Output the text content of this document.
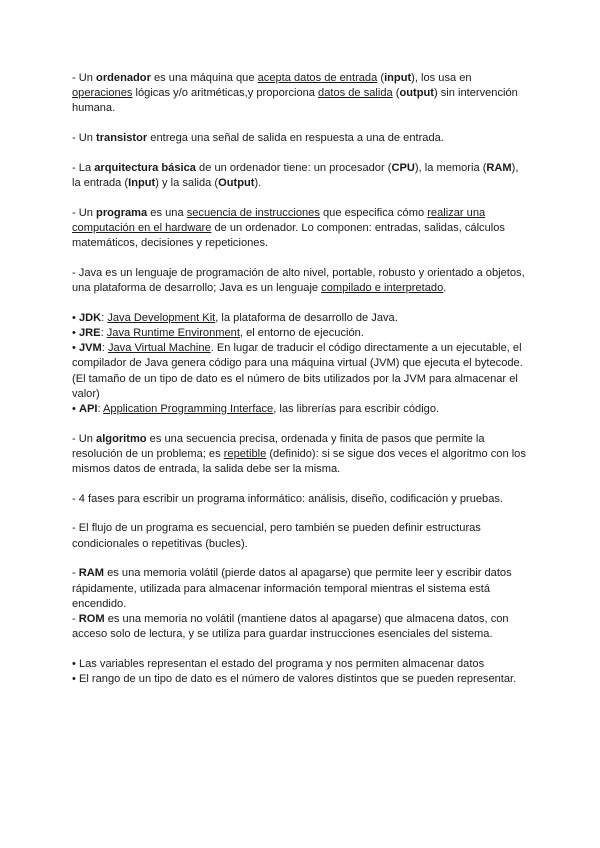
- Un ordenador es una máquina que acepta datos de entrada (input), los usa en operaciones lógicas y/o aritméticas,y proporciona datos de salida (output) sin intervención humana.

- Un transistor entrega una señal de salida en respuesta a una de entrada.

- La arquitectura básica de un ordenador tiene: un procesador (CPU), la memoria (RAM), la entrada (Input) y la salida (Output).

- Un programa es una secuencia de instrucciones que especifica cómo realizar una computación en el hardware de un ordenador. Lo componen: entradas, salidas, cálculos matemáticos, decisiones y repeticiones.

- Java es un lenguaje de programación de alto nivel, portable, robusto y orientado a objetos, una plataforma de desarrollo; Java es un lenguaje compilado e interpretado.

• JDK: Java Development Kit, la plataforma de desarrollo de Java.
• JRE: Java Runtime Environment, el entorno de ejecución.
• JVM: Java Virtual Machine. En lugar de traducir el código directamente a un ejecutable, el compilador de Java genera código para una máquina virtual (JVM) que ejecuta el bytecode. (El tamaño de un tipo de dato es el número de bits utilizados por la JVM para almacenar el valor)
• API: Application Programming Interface, las librerías para escribir código.

- Un algoritmo es una secuencia precisa, ordenada y finita de pasos que permite la resolución de un problema; es repetible (definido): si se sigue dos veces el algoritmo con los mismos datos de entrada, la salida debe ser la misma.

- 4 fases para escribir un programa informático: análisis, diseño, codificación y pruebas.

- El flujo de un programa es secuencial, pero también se pueden definir estructuras condicionales o repetitivas (bucles).

- RAM es una memoria volátil (pierde datos al apagarse) que permite leer y escribir datos rápidamente, utilizada para almacenar información temporal mientras el sistema está encendido.
- ROM es una memoria no volátil (mantiene datos al apagarse) que almacena datos, con acceso solo de lectura, y se utiliza para guardar instrucciones esenciales del sistema.
• Las variables representan el estado del programa y nos permiten almacenar datos
• El rango de un tipo de dato es el número de valores distintos que se pueden representar.
